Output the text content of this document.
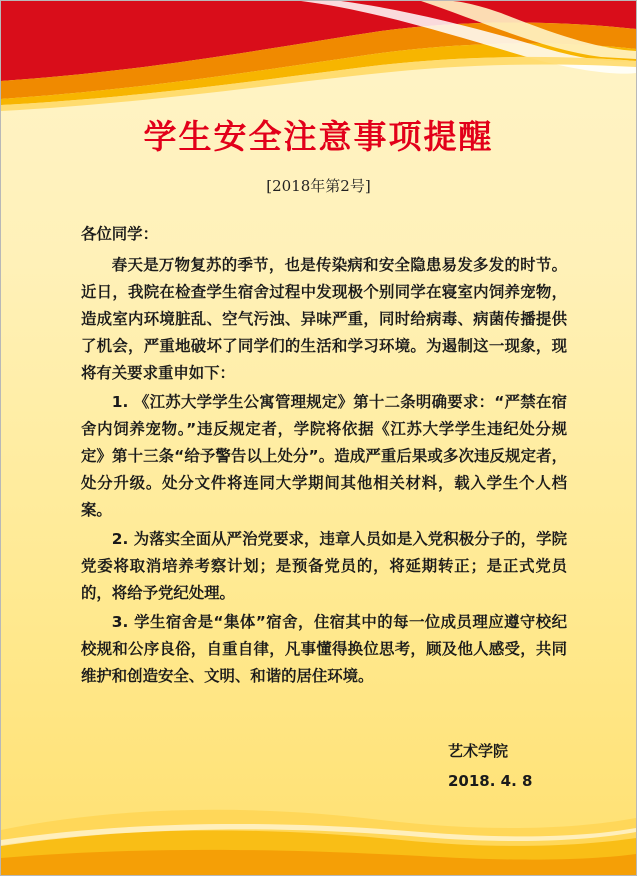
学生安全注意事项提醒
[2018年第2号]

各位同学：

春天是万物复苏的季节，也是传染病和安全隐患易发多发的时节。近日，我院在检查学生宿舍过程中发现极个别同学在寝室内饲养宠物，造成室内环境脏乱、空气污浊、异味严重，同时给病毒、病菌传播提供了机会，严重地破坏了同学们的生活和学习环境。为遏制这一现象，现将有关要求重申如下：

1. 《江苏大学学生公寓管理规定》第十二条明确要求：“严禁在宿舍内饲养宠物。”违反规定者，学院将依据《江苏大学学生违纪处分规定》第十三条“给予警告以上处分”。造成严重后果或多次违反规定者，处分升级。处分文件将连同大学期间其他相关材料，载入学生个人档案。

2. 为落实全面从严治党要求，违章人员如是入党积极分子的，学院党委将取消培养考察计划；是预备党员的，将延期转正；是正式党员的，将给予党纪处理。

3. 学生宿舍是“集体”宿舍，住宿其中的每一位成员理应遵守校纪校规和公序良俗，自重自律，凡事懂得换位思考，顾及他人感受，共同维护和创造安全、文明、和谐的居住环境。

艺术学院
2018. 4. 8
